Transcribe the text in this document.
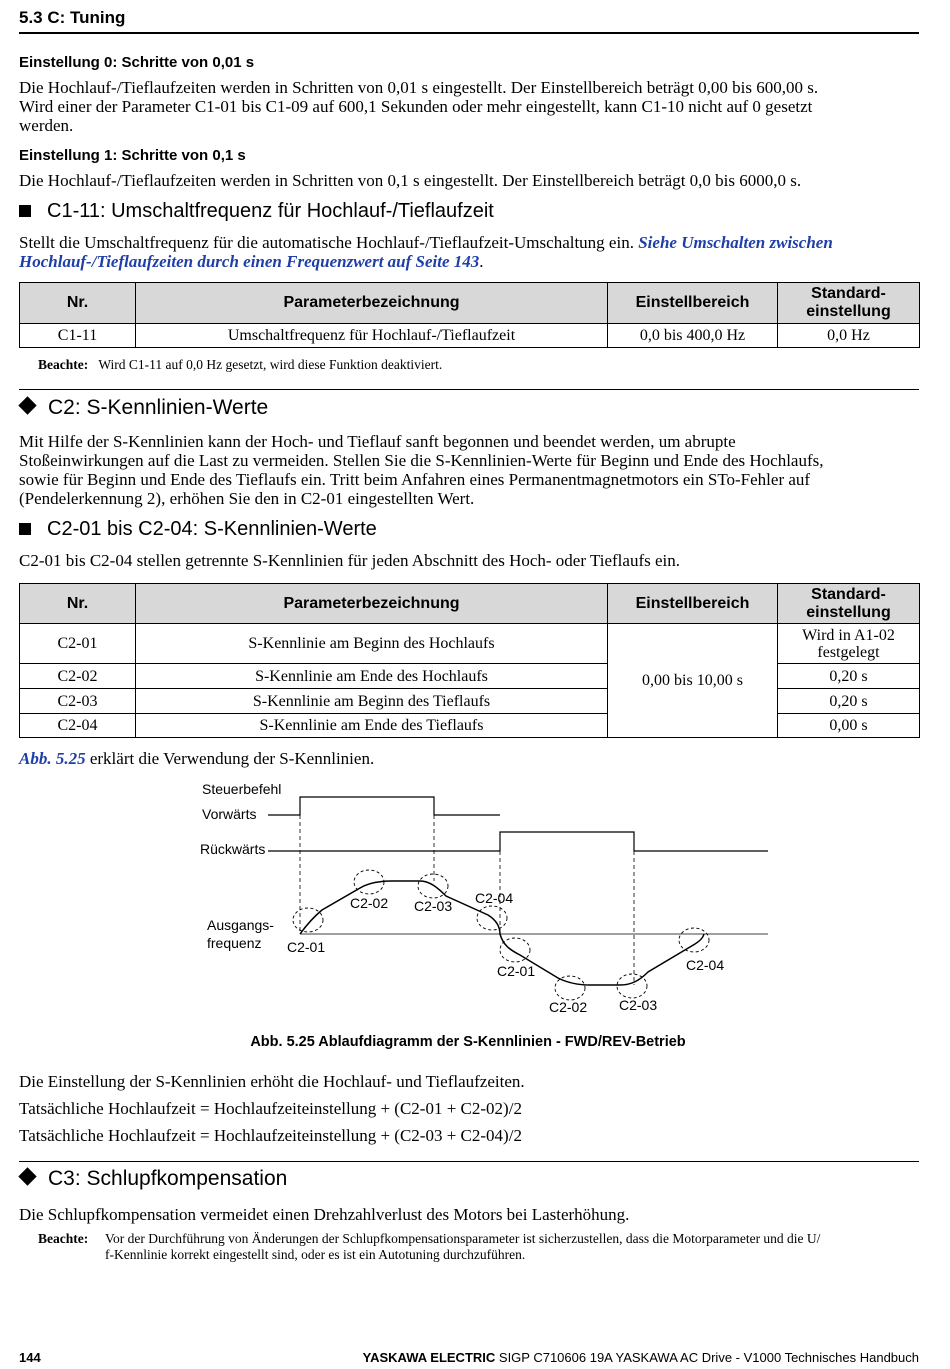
5.3 C: Tuning
Einstellung 0: Schritte von 0,01 s
Die Hochlauf-/Tieflaufzeiten werden in Schritten von 0,01 s eingestellt. Der Einstellbereich beträgt 0,00 bis 600,00 s.
Wird einer der Parameter C1-01 bis C1-09 auf 600,1 Sekunden oder mehr eingestellt, kann C1-10 nicht auf 0 gesetzt
werden.
Einstellung 1: Schritte von 0,1 s
Die Hochlauf-/Tieflaufzeiten werden in Schritten von 0,1 s eingestellt. Der Einstellbereich beträgt 0,0 bis 6000,0 s.
C1-11: Umschaltfrequenz für Hochlauf-/Tieflaufzeit
Stellt die Umschaltfrequenz für die automatische Hochlauf-/Tieflaufzeit-Umschaltung ein. Siehe Umschalten zwischen
Hochlauf-/Tieflaufzeiten durch einen Frequenzwert auf Seite 143.
Nr.	Parameterbezeichnung	Einstellbereich	Standard-
einstellung
C1-11	Umschaltfrequenz für Hochlauf-/Tieflaufzeit	0,0 bis 400,0 Hz	0,0 Hz
Beachte: Wird C1-11 auf 0,0 Hz gesetzt, wird diese Funktion deaktiviert.
C2: S-Kennlinien-Werte
Mit Hilfe der S-Kennlinien kann der Hoch- und Tieflauf sanft begonnen und beendet werden, um abrupte
Stoßeinwirkungen auf die Last zu vermeiden. Stellen Sie die S-Kennlinien-Werte für Beginn und Ende des Hochlaufs,
sowie für Beginn und Ende des Tieflaufs ein. Tritt beim Anfahren eines Permanentmagnetmotors ein STo-Fehler auf
(Pendelerkennung 2), erhöhen Sie den in C2-01 eingestellten Wert.
C2-01 bis C2-04: S-Kennlinien-Werte
C2-01 bis C2-04 stellen getrennte S-Kennlinien für jeden Abschnitt des Hoch- oder Tieflaufs ein.
Nr.	Parameterbezeichnung	Einstellbereich	Standard-
einstellung
C2-01	S-Kennlinie am Beginn des Hochlaufs	0,00 bis 10,00 s	Wird in A1-02
festgelegt
C2-02	S-Kennlinie am Ende des Hochlaufs		0,20 s
C2-03	S-Kennlinie am Beginn des Tieflaufs		0,20 s
C2-04	S-Kennlinie am Ende des Tieflaufs		0,00 s
Abb. 5.25 erklärt die Verwendung der S-Kennlinien.
Steuerbefehl
Vorwärts
Rückwärts
Ausgangs-
frequenz	C2-01
C2-02 C2-03 C2-04
C2-01
C2-02 C2-03
C2-04
Abb. 5.25 Ablaufdiagramm der S-Kennlinien - FWD/REV-Betrieb
Die Einstellung der S-Kennlinien erhöht die Hochlauf- und Tieflaufzeiten.
Tatsächliche Hochlaufzeit = Hochlaufzeiteinstellung + (C2-01 + C2-02)/2
Tatsächliche Hochlaufzeit = Hochlaufzeiteinstellung + (C2-03 + C2-04)/2
C3: Schlupfkompensation
Die Schlupfkompensation vermeidet einen Drehzahlverlust des Motors bei Lasterhöhung.
Beachte: Vor der Durchführung von Änderungen der Schlupfkompensationsparameter ist sicherzustellen, dass die Motorparameter und die U/
f-Kennlinie korrekt eingestellt sind, oder es ist ein Autotuning durchzuführen.
144	YASKAWA ELECTRIC SIGP C710606 19A YASKAWA AC Drive - V1000 Technisches Handbuch
